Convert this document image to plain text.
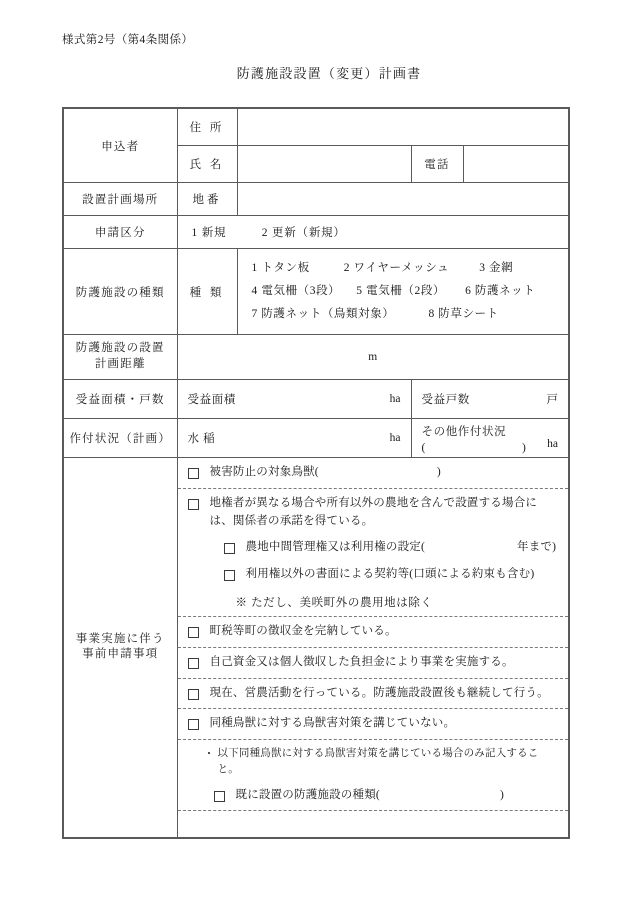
様式第2号（第4条関係）
防護施設設置（変更）計画書
申込者	住 所			
	氏 名		電話	
設置計画場所	地番			
申請区分	1 新規 2 更新（新規）			

防護施設の種類	種 類	1 トタン板 2 ワイヤーメッシュ 3 金網
4 電気柵（3段） 5 電気柵（2段） 6 防護ネット
7 防護ネット（鳥類対象） 8 防草シート		

防護施設の設置
計画距離	m			
受益面積・戸数	受益面積 ha		受益戸数 戸	

作付状況（計画）	水 稲 ha		その他作付状況
( ) ha	

事業実施に伴う
事前申請事項	
被害防止の対象鳥獣(	)
地権者が異なる場合や所有以外の農地を含んで設置する場合には、関係者の承諾を得ている。
農地中間管理権又は利用権の設定(	年まで)
利用権以外の書面による契約等(口頭による約束も含む)
※ ただし、美咲町外の農用地は除く
町税等町の徴収金を完納している。
自己資金又は個人徴収した負担金により事業を実施する。
現在、営農活動を行っている。防護施設設置後も継続して行う。
同種鳥獣に対する鳥獣害対策を講じていない。
・ 以下同種鳥獣に対する鳥獣害対策を講じている場合のみ記入すること。
既に設置の防護施設の種類(	)
